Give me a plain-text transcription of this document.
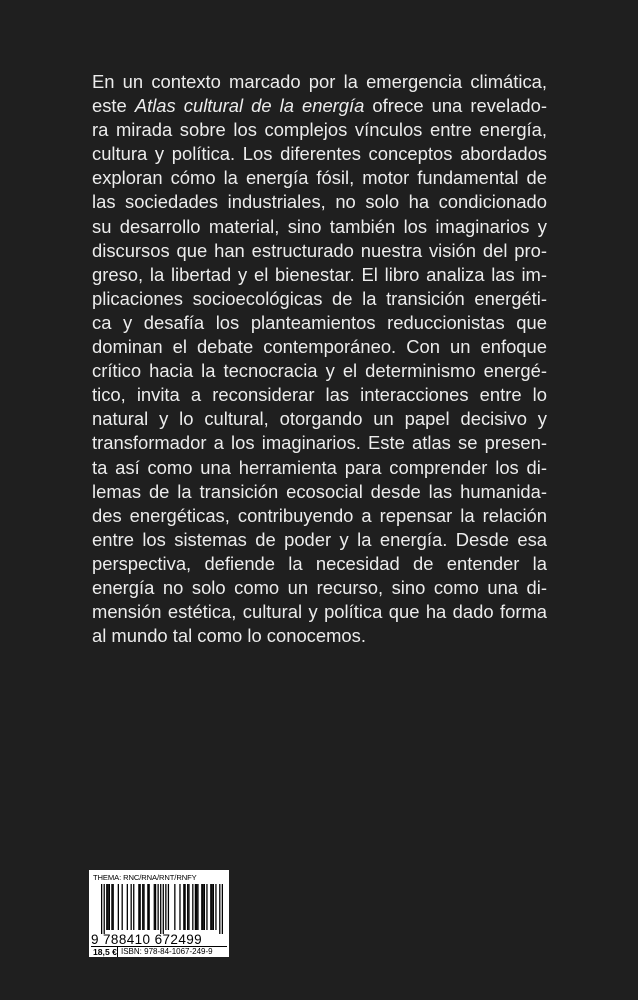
En un contexto marcado por la emergencia climática,
este Atlas cultural de la energía ofrece una revelado-
ra mirada sobre los complejos vínculos entre energía,
cultura y política. Los diferentes conceptos abordados
exploran cómo la energía fósil, motor fundamental de
las sociedades industriales, no solo ha condicionado
su desarrollo material, sino también los imaginarios y
discursos que han estructurado nuestra visión del pro-
greso, la libertad y el bienestar. El libro analiza las im-
plicaciones socioecológicas de la transición energéti-
ca y desafía los planteamientos reduccionistas que
dominan el debate contemporáneo. Con un enfoque
crítico hacia la tecnocracia y el determinismo energé-
tico, invita a reconsiderar las interacciones entre lo
natural y lo cultural, otorgando un papel decisivo y
transformador a los imaginarios. Este atlas se presen-
ta así como una herramienta para comprender los di-
lemas de la transición ecosocial desde las humanida-
des energéticas, contribuyendo a repensar la relación
entre los sistemas de poder y la energía. Desde esa
perspectiva, defiende la necesidad de entender la
energía no solo como un recurso, sino como una di-
mensión estética, cultural y política que ha dado forma
al mundo tal como lo conocemos.
THEMA: RNC/RNA/RNT/RNFY
9 788410 672499
18,5 € ISBN: 978-84-1067-249-9
